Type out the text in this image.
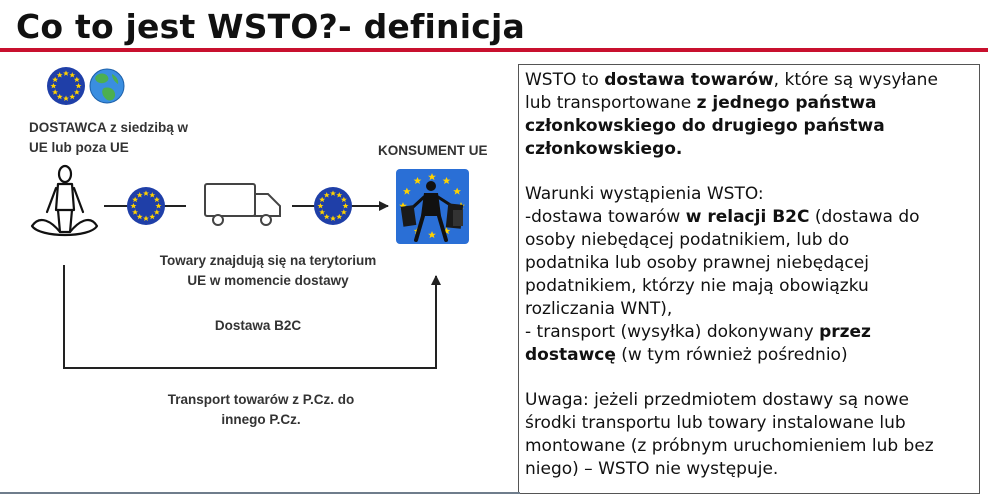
Co to jest WSTO?- definicja
DOSTAWCA z siedzibą w
UE lub poza UE	KONSUMENT UE
Towary znajdują się na terytorium
UE w momencie dostawy
Dostawa B2C
Transport towarów z P.Cz. do
innego P.Cz.
WSTO to dostawa towarów, które są wysyłane
lub transportowane z jednego państwa
członkowskiego do drugiego państwa
członkowskiego.
Warunki wystąpienia WSTO:
-dostawa towarów w relacji B2C (dostawa do
osoby niebędącej podatnikiem, lub do
podatnika lub osoby prawnej niebędącej
podatnikiem, którzy nie mają obowiązku
rozliczania WNT),
- transport (wysyłka) dokonywany przez
dostawcę (w tym również pośrednio)
Uwaga: jeżeli przedmiotem dostawy są nowe
środki transportu lub towary instalowane lub
montowane (z próbnym uruchomieniem lub bez
niego) – WSTO nie występuje.
